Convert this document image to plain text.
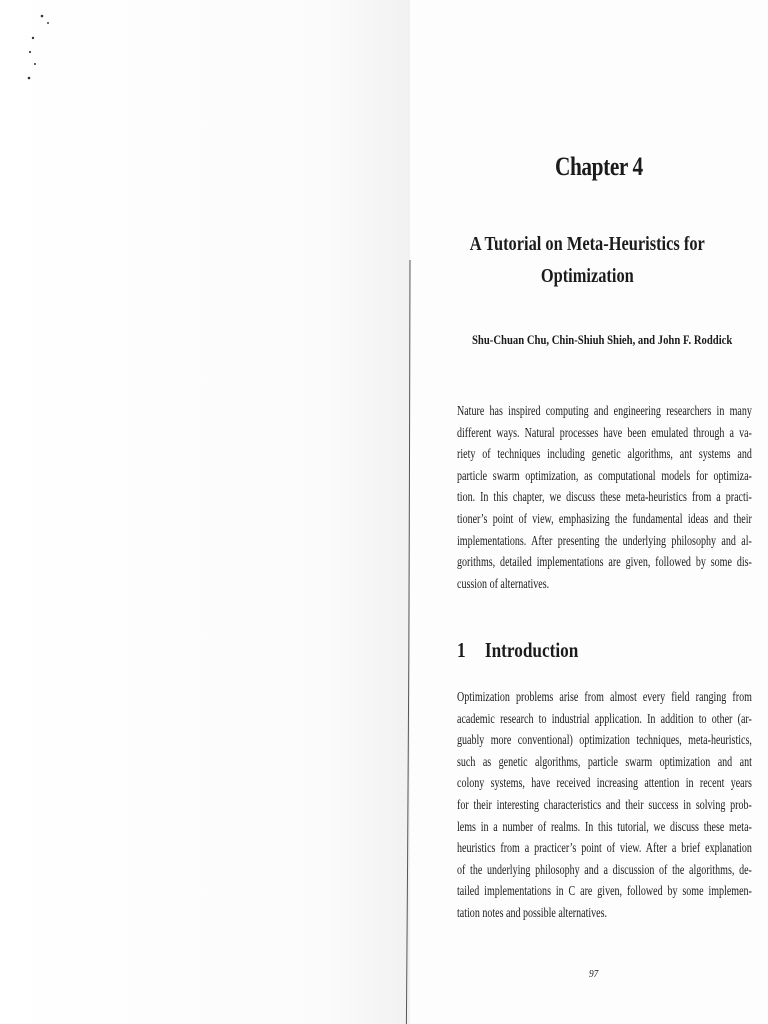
Chapter 4
A Tutorial on Meta-Heuristics for
Optimization

Shu-Chuan Chu, Chin-Shiuh Shieh, and John F. Roddick

Nature has inspired computing and engineering researchers in many
different ways. Natural processes have been emulated through a va-
riety of techniques including genetic algorithms, ant systems and
particle swarm optimization, as computational models for optimiza-
tion. In this chapter, we discuss these meta-heuristics from a practi-
tioner’s point of view, emphasizing the fundamental ideas and their
implementations. After presenting the underlying philosophy and al-
gorithms, detailed implementations are given, followed by some dis-
cussion of alternatives.
1 Introduction
Optimization problems arise from almost every field ranging from
academic research to industrial application. In addition to other (ar-
guably more conventional) optimization techniques, meta-heuristics,
such as genetic algorithms, particle swarm optimization and ant
colony systems, have received increasing attention in recent years
for their interesting characteristics and their success in solving prob-
lems in a number of realms. In this tutorial, we discuss these meta-
heuristics from a practicer’s point of view. After a brief explanation
of the underlying philosophy and a discussion of the algorithms, de-
tailed implementations in C are given, followed by some implemen-
tation notes and possible alternatives.
97
